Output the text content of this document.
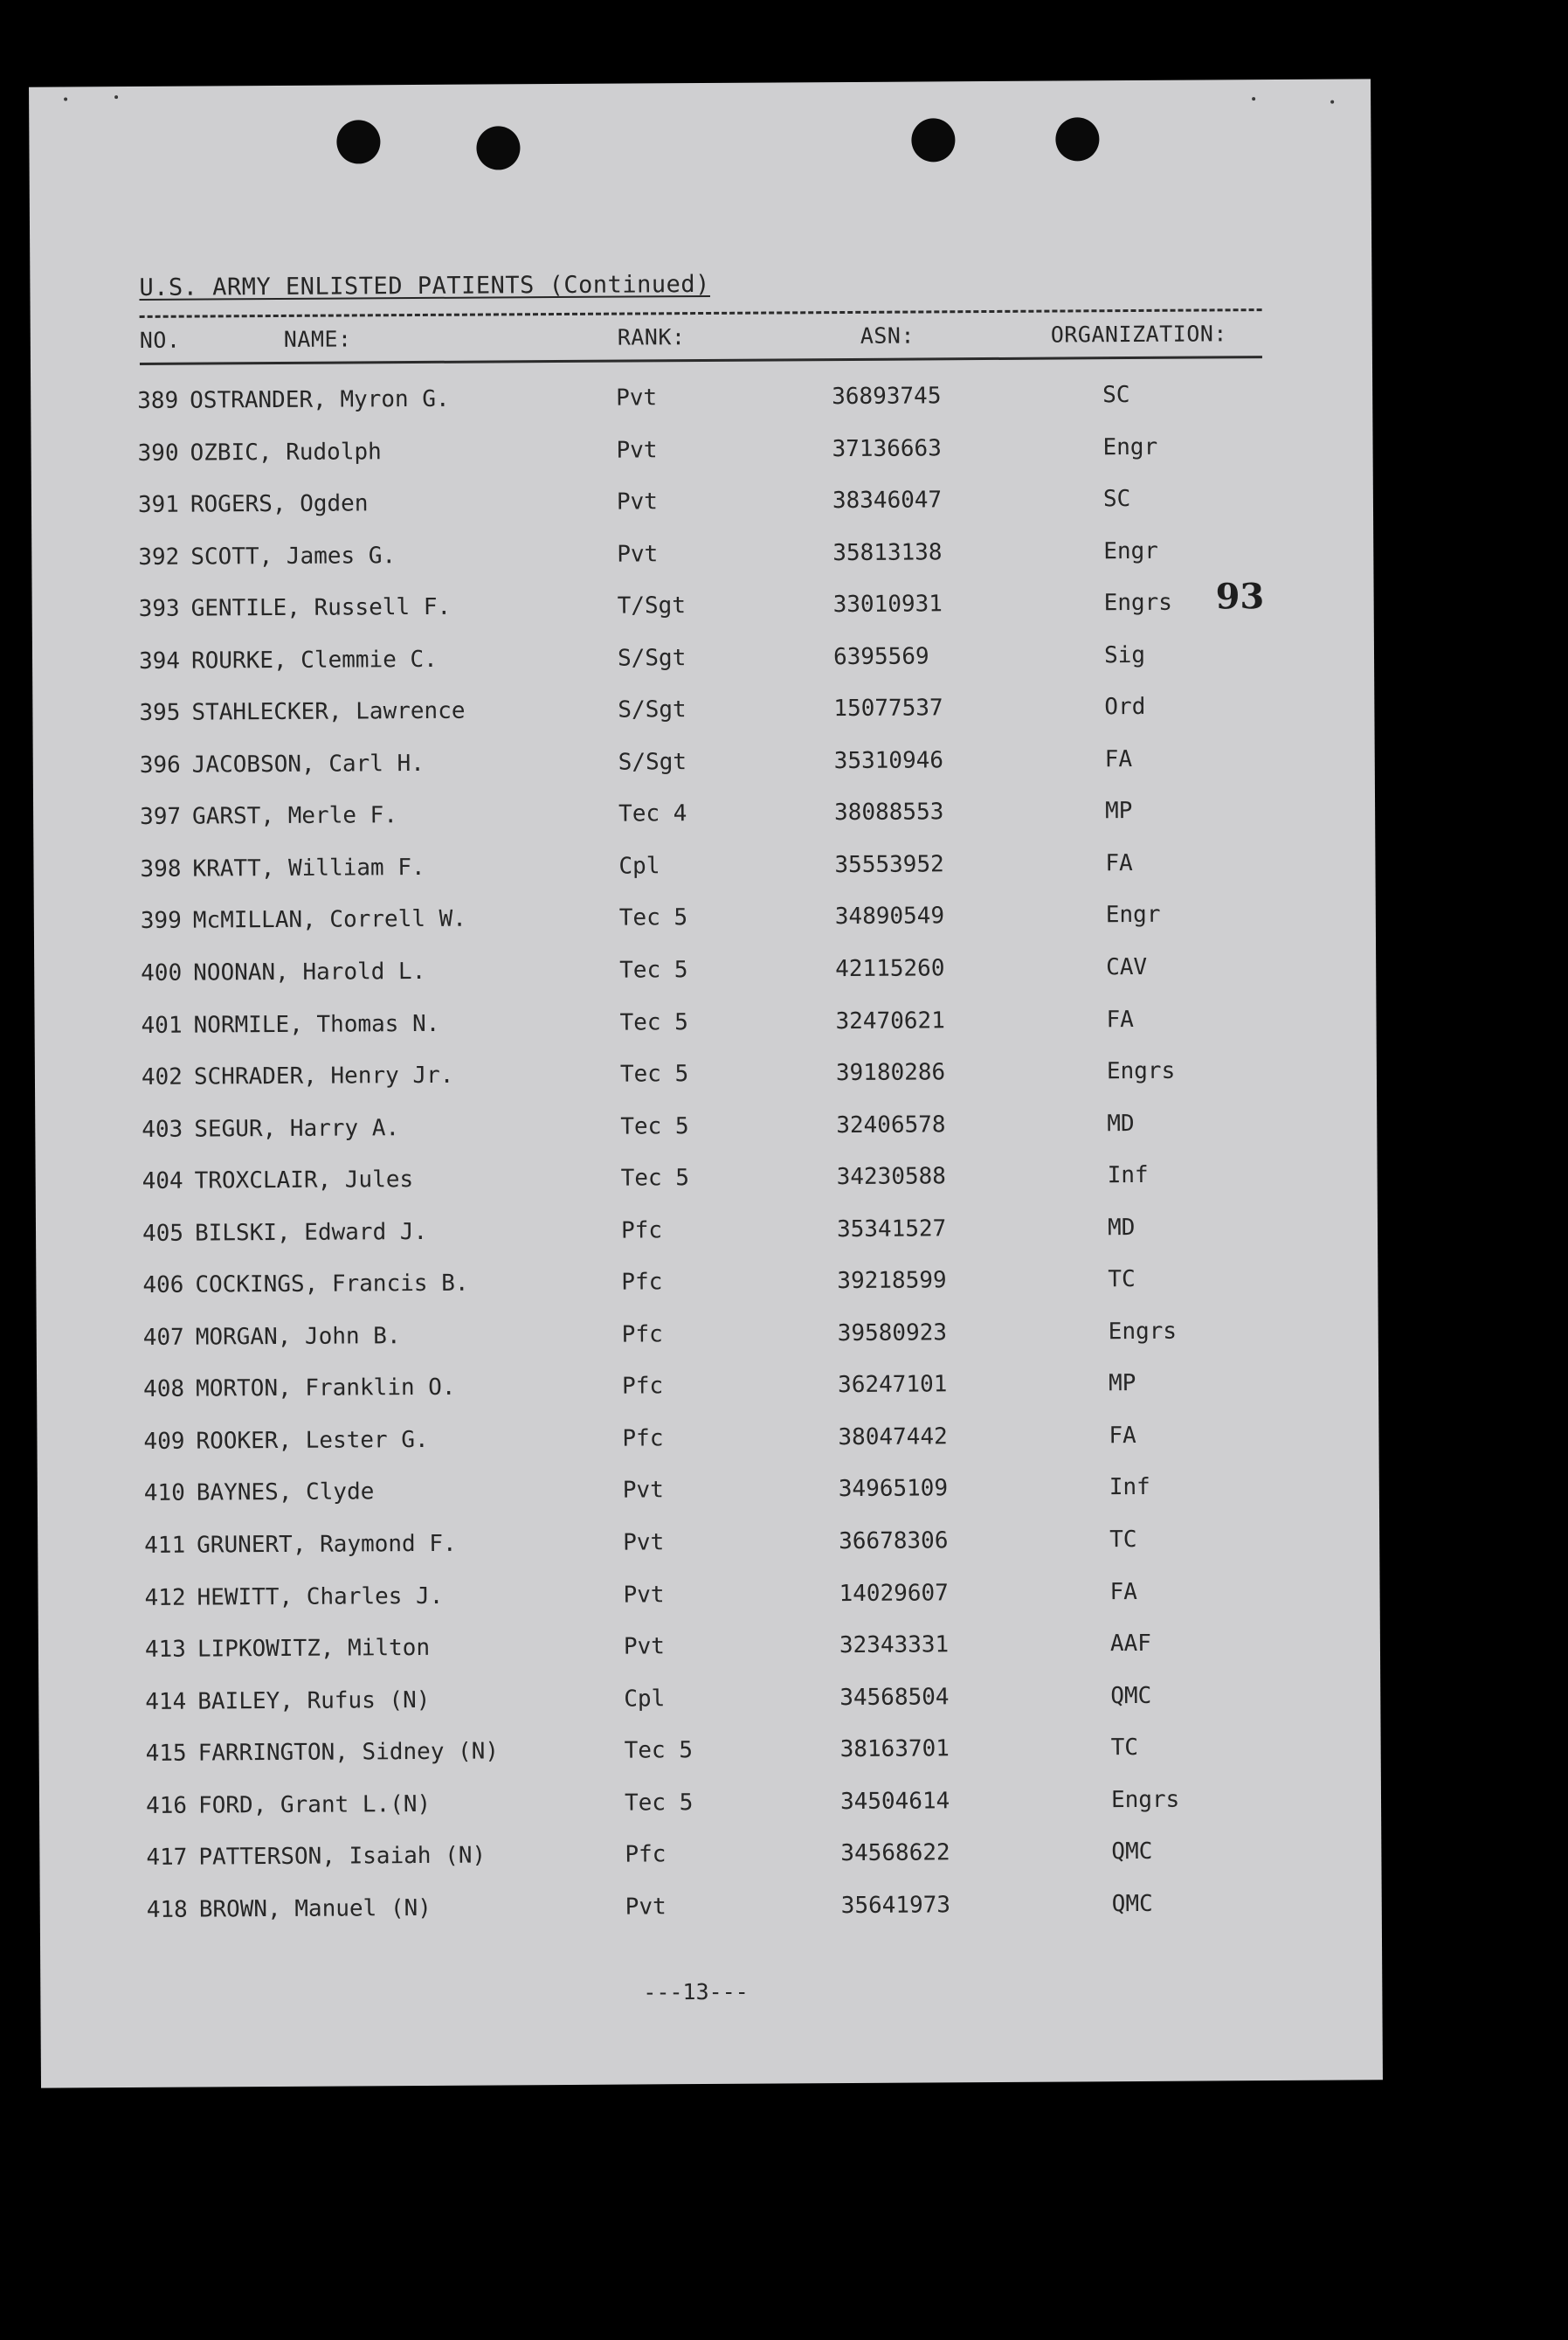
U.S. ARMY ENLISTED PATIENTS (Continued)
NO.	NAME:	RANK:	ASN:	ORGANIZATION:
389 OSTRANDER, Myron G.	Pvt	36893745	SC
390 OZBIC, Rudolph	Pvt	37136663	Engr
391 ROGERS, Ogden	Pvt	38346047	SC
392 SCOTT, James G.	Pvt	35813138	Engr
393 GENTILE, Russell F.	T/Sgt	33010931	Engrs
394 ROURKE, Clemmie C.	S/Sgt	6395569	Sig
395 STAHLECKER, Lawrence	S/Sgt	15077537	Ord
396 JACOBSON, Carl H.	S/Sgt	35310946	FA
397 GARST, Merle F.	Tec 4	38088553	MP
398 KRATT, William F.	Cpl	35553952	FA
399 McMILLAN, Correll W.	Tec 5	34890549	Engr
400 NOONAN, Harold L.	Tec 5	42115260	CAV
401 NORMILE, Thomas N.	Tec 5	32470621	FA
402 SCHRADER, Henry Jr.	Tec 5	39180286	Engrs
403 SEGUR, Harry A.	Tec 5	32406578	MD
404 TROXCLAIR, Jules	Tec 5	34230588	Inf
405 BILSKI, Edward J.	Pfc	35341527	MD
406 COCKINGS, Francis B.	Pfc	39218599	TC
407 MORGAN, John B.	Pfc	39580923	Engrs
408 MORTON, Franklin O.	Pfc	36247101	MP
409 ROOKER, Lester G.	Pfc	38047442	FA
410 BAYNES, Clyde	Pvt	34965109	Inf
411 GRUNERT, Raymond F.	Pvt	36678306	TC
412 HEWITT, Charles J.	Pvt	14029607	FA
413 LIPKOWITZ, Milton	Pvt	32343331	AAF
414 BAILEY, Rufus (N)	Cpl	34568504	QMC
415 FARRINGTON, Sidney (N)	Tec 5	38163701	TC
416 FORD, Grant L.(N)	Tec 5	34504614	Engrs
417 PATTERSON, Isaiah (N)	Pfc	34568622	QMC
418 BROWN, Manuel (N)	Pvt	35641973	QMC
93
---13---
